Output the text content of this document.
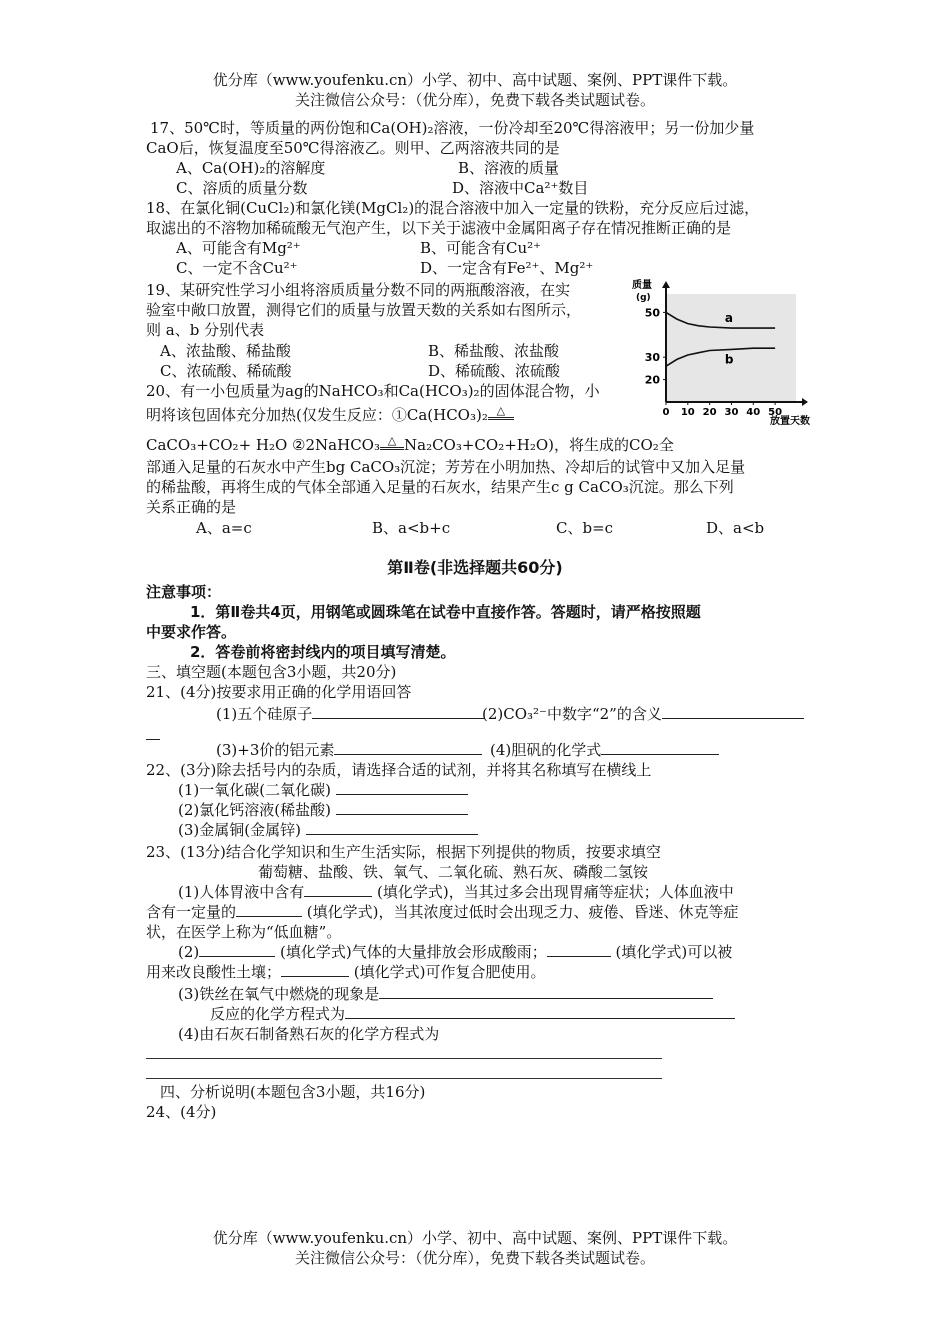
优分库（www.youfenku.cn）小学、初中、高中试题、案例、PPT课件下载。
关注微信公众号：（优分库），免费下载各类试题试卷。
17、50℃时，等质量的两份饱和Ca(OH)₂溶液，一份冷却至20℃得溶液甲；另一份加少量
CaO后，恢复温度至50℃得溶液乙。则甲、乙两溶液共同的是
A、Ca(OH)₂的溶解度	B、溶液的质量
C、溶质的质量分数	D、溶液中Ca²⁺数目
18、在氯化铜(CuCl₂)和氯化镁(MgCl₂)的混合溶液中加入一定量的铁粉，充分反应后过滤，
取滤出的不溶物加稀硫酸无气泡产生，以下关于滤液中金属阳离子存在情况推断正确的是
A、可能含有Mg²⁺	B、可能含有Cu²⁺
C、一定不含Cu²⁺	D、一定含有Fe²⁺、Mg²⁺
19、某研究性学习小组将溶质质量分数不同的两瓶酸溶液，在实
验室中敞口放置，测得它们的质量与放置天数的关系如右图所示，
则 a、b 分别代表
A、浓盐酸、稀盐酸	B、稀盐酸、浓盐酸
C、浓硫酸、稀硫酸	D、稀硫酸、浓硫酸
质量
(g)
放置天数
20
30
50
0 10 20 30 40 50
a
b
20、有一小包质量为ag的NaHCO₃和Ca(HCO₃)₂的固体混合物，小
明将该包固体充分加热(仅发生反应：①Ca(HCO₃)₂ △
CaCO₃+CO₂+ H₂O ②2NaHCO₃ △ Na₂CO₃+CO₂+H₂O)，将生成的CO₂全
部通入足量的石灰水中产生bg CaCO₃沉淀；芳芳在小明加热、冷却后的试管中又加入足量
的稀盐酸，再将生成的气体全部通入足量的石灰水，结果产生c g CaCO₃沉淀。那么下列
关系正确的是
A、a=c	B、a<b+c	C、b=c	D、a<b
第Ⅱ卷(非选择题共60分)
注意事项：
1．第Ⅱ卷共4页，用钢笔或圆珠笔在试卷中直接作答。答题时，请严格按照题
中要求作答。
2．答卷前将密封线内的项目填写清楚。
三、填空题(本题包含3小题，共20分)
21、(4分)按要求用正确的化学用语回答
(1)五个硅原子	(2)CO₃²⁻中数字“2”的含义
(3)+3价的铝元素	(4)胆矾的化学式
22、(3分)除去括号内的杂质，请选择合适的试剂，并将其名称填写在横线上
(1)一氧化碳(二氧化碳)
(2)氯化钙溶液(稀盐酸)
(3)金属铜(金属锌)
23、(13分)结合化学知识和生产生活实际，根据下列提供的物质，按要求填空
葡萄糖、盐酸、铁、氧气、二氧化硫、熟石灰、磷酸二氢铵
(1)人体胃液中含有	(填化学式)，当其过多会出现胃痛等症状；人体血液中
含有一定量的	(填化学式)，当其浓度过低时会出现乏力、疲倦、昏迷、休克等症
状，在医学上称为“低血糖”。
(2)	(填化学式)气体的大量排放会形成酸雨；	(填化学式)可以被
用来改良酸性土壤；	(填化学式)可作复合肥使用。
(3)铁丝在氧气中燃烧的现象是
反应的化学方程式为
(4)由石灰石制备熟石灰的化学方程式为
四、分析说明(本题包含3小题，共16分)
24、(4分)
优分库（www.youfenku.cn）小学、初中、高中试题、案例、PPT课件下载。
关注微信公众号：（优分库），免费下载各类试题试卷。
